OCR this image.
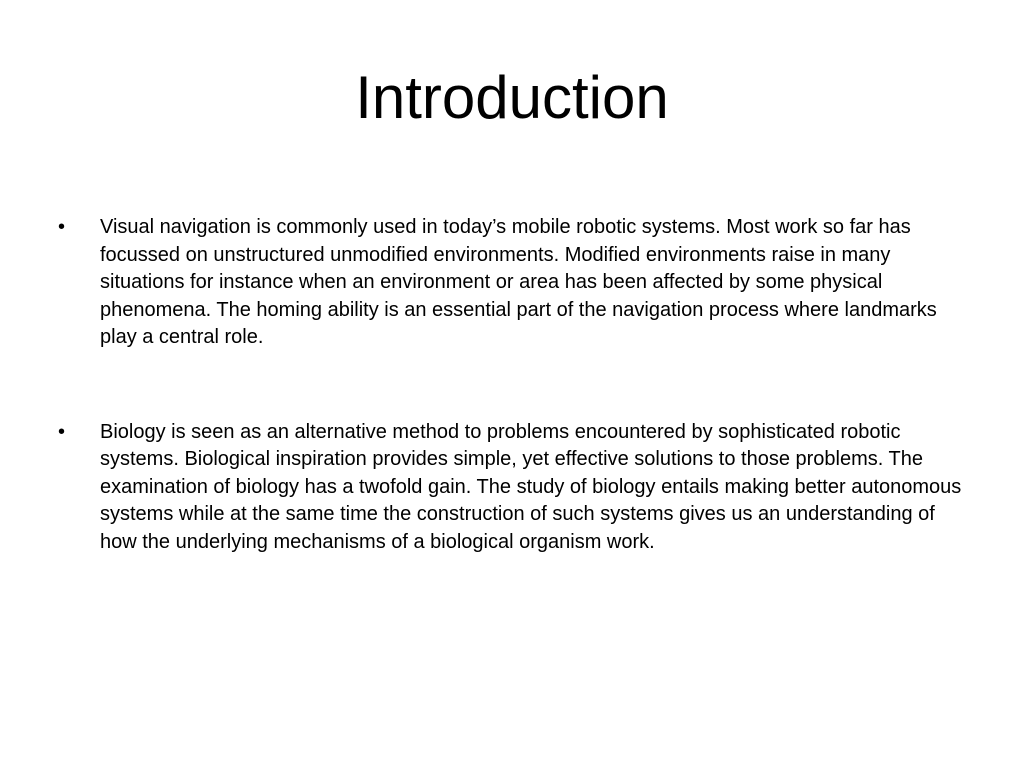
Introduction
• Visual navigation is commonly used in today’s mobile robotic systems. Most work so far has focussed on unstructured unmodified environments. Modified environments raise in many situations for instance when an environment or area has been affected by some physical phenomena. The homing ability is an essential part of the navigation process where landmarks play a central role.
• Biology is seen as an alternative method to problems encountered by sophisticated robotic systems. Biological inspiration provides simple, yet effective solutions to those problems. The examination of biology has a twofold gain. The study of biology entails making better autonomous systems while at the same time the construction of such systems gives us an understanding of how the underlying mechanisms of a biological organism work.
